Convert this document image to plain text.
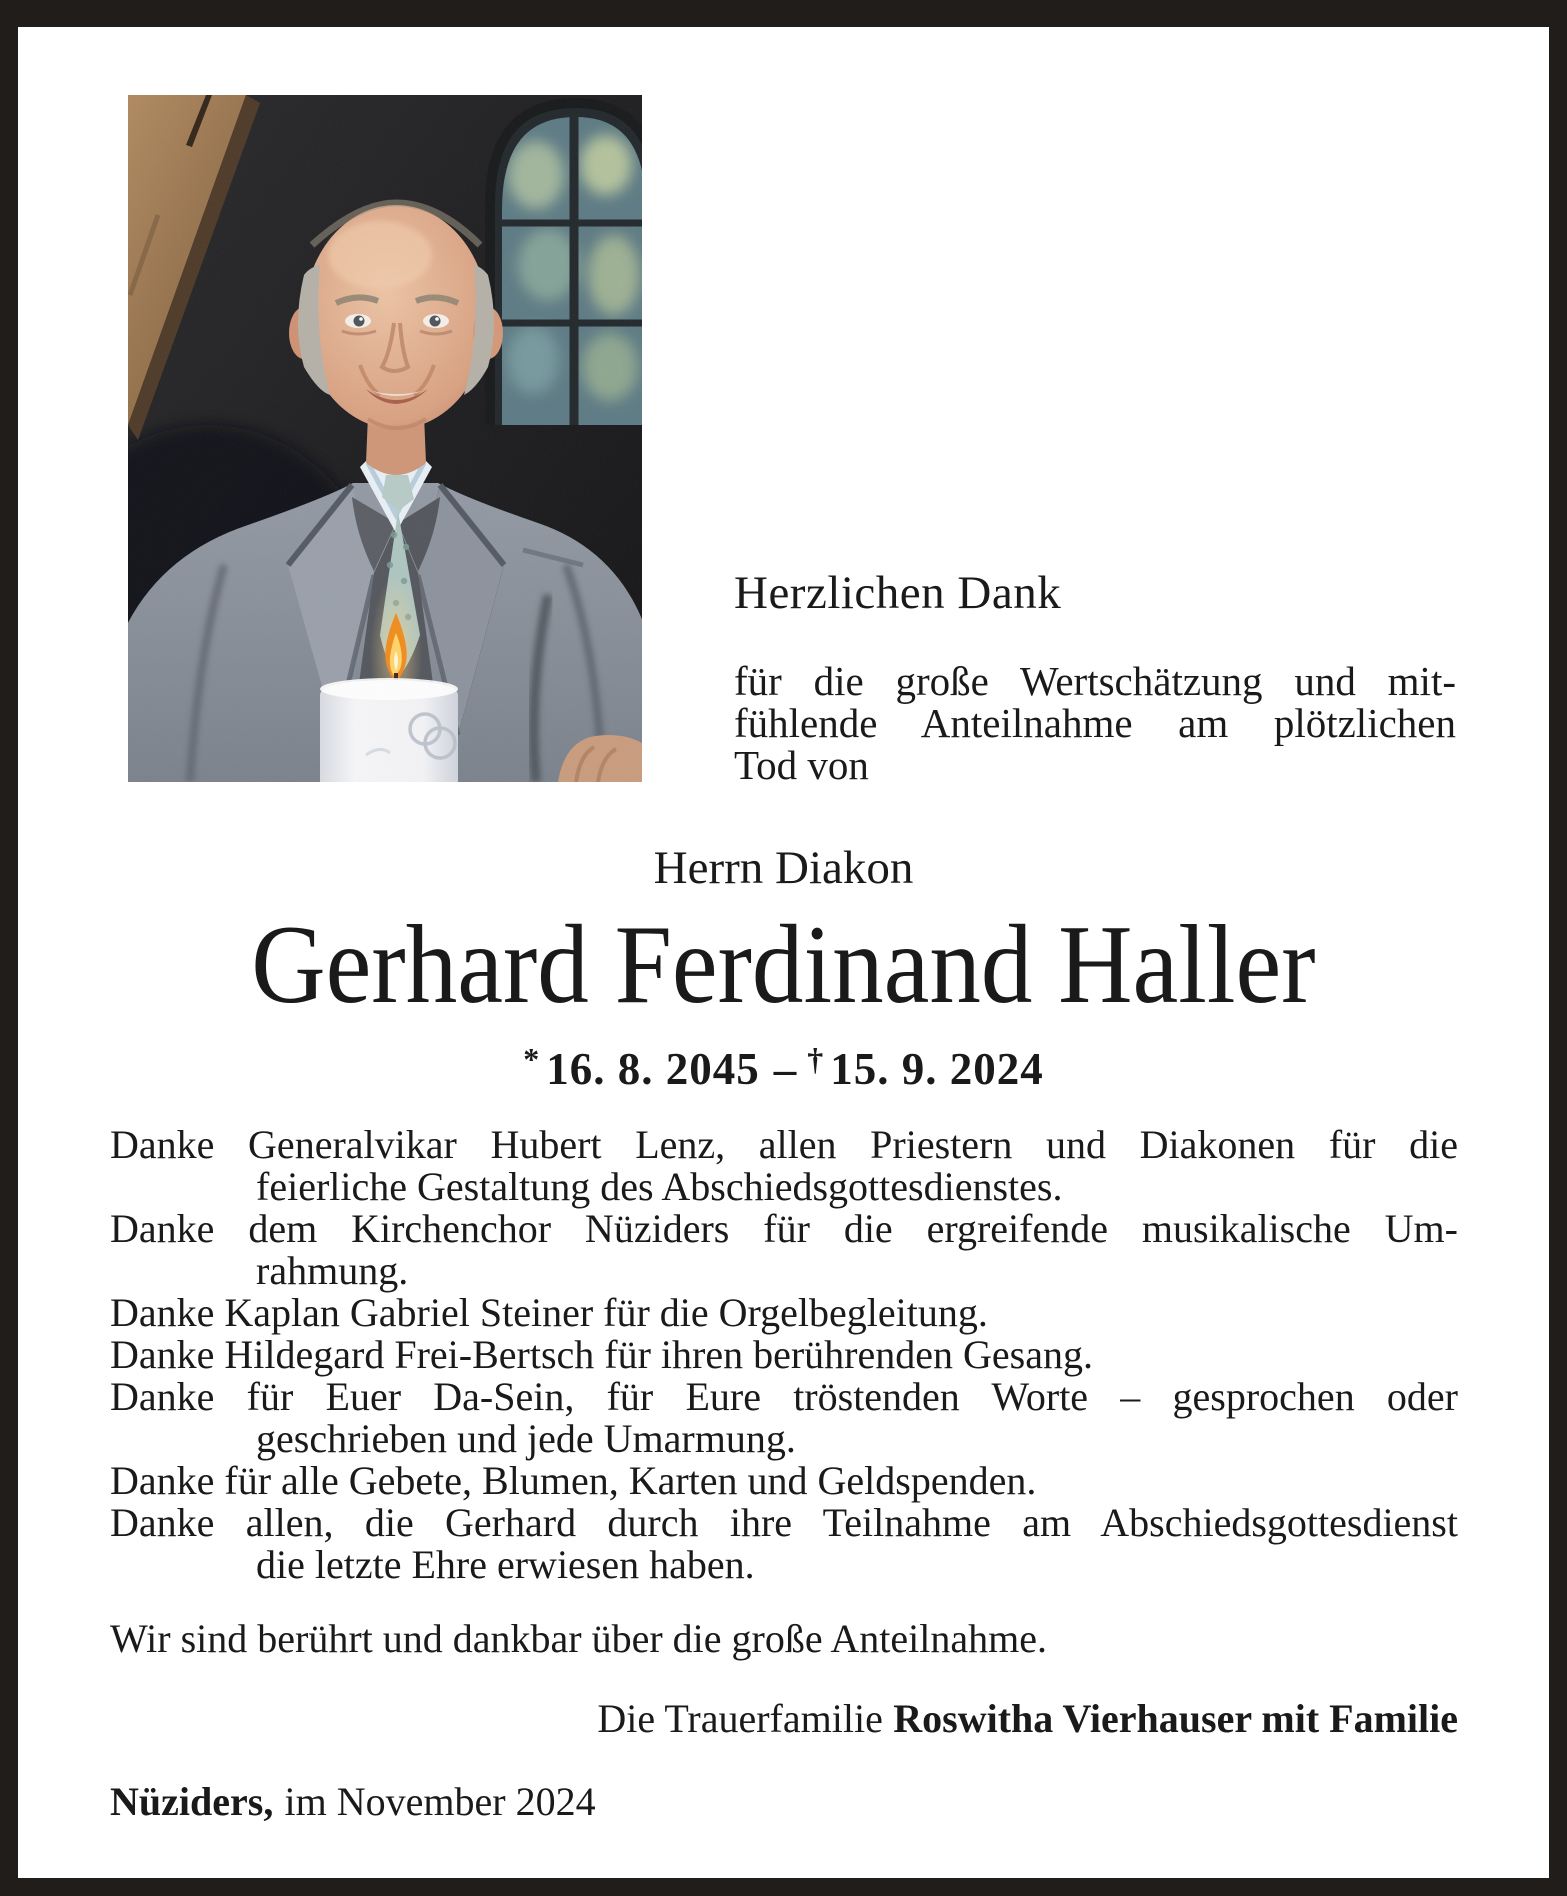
Herzlichen Dank
für die große Wertschätzung und mit-
fühlende Anteilnahme am plötzlichen
Tod von
Herrn Diakon
Gerhard Ferdinand Haller
* 16. 8. 2045 – † 15. 9. 2024
Danke Generalvikar Hubert Lenz, allen Priestern und Diakonen für die
feierliche Gestaltung des Abschiedsgottesdienstes.
Danke dem Kirchenchor Nüziders für die ergreifende musikalische Um-
rahmung.
Danke Kaplan Gabriel Steiner für die Orgelbegleitung.
Danke Hildegard Frei-Bertsch für ihren berührenden Gesang.
Danke für Euer Da-Sein, für Eure tröstenden Worte – gesprochen oder
geschrieben und jede Umarmung.
Danke für alle Gebete, Blumen, Karten und Geldspenden.
Danke allen, die Gerhard durch ihre Teilnahme am Abschiedsgottesdienst
die letzte Ehre erwiesen haben.
Wir sind berührt und dankbar über die große Anteilnahme.
Die Trauerfamilie Roswitha Vierhauser mit Familie
Nüziders, im November 2024
